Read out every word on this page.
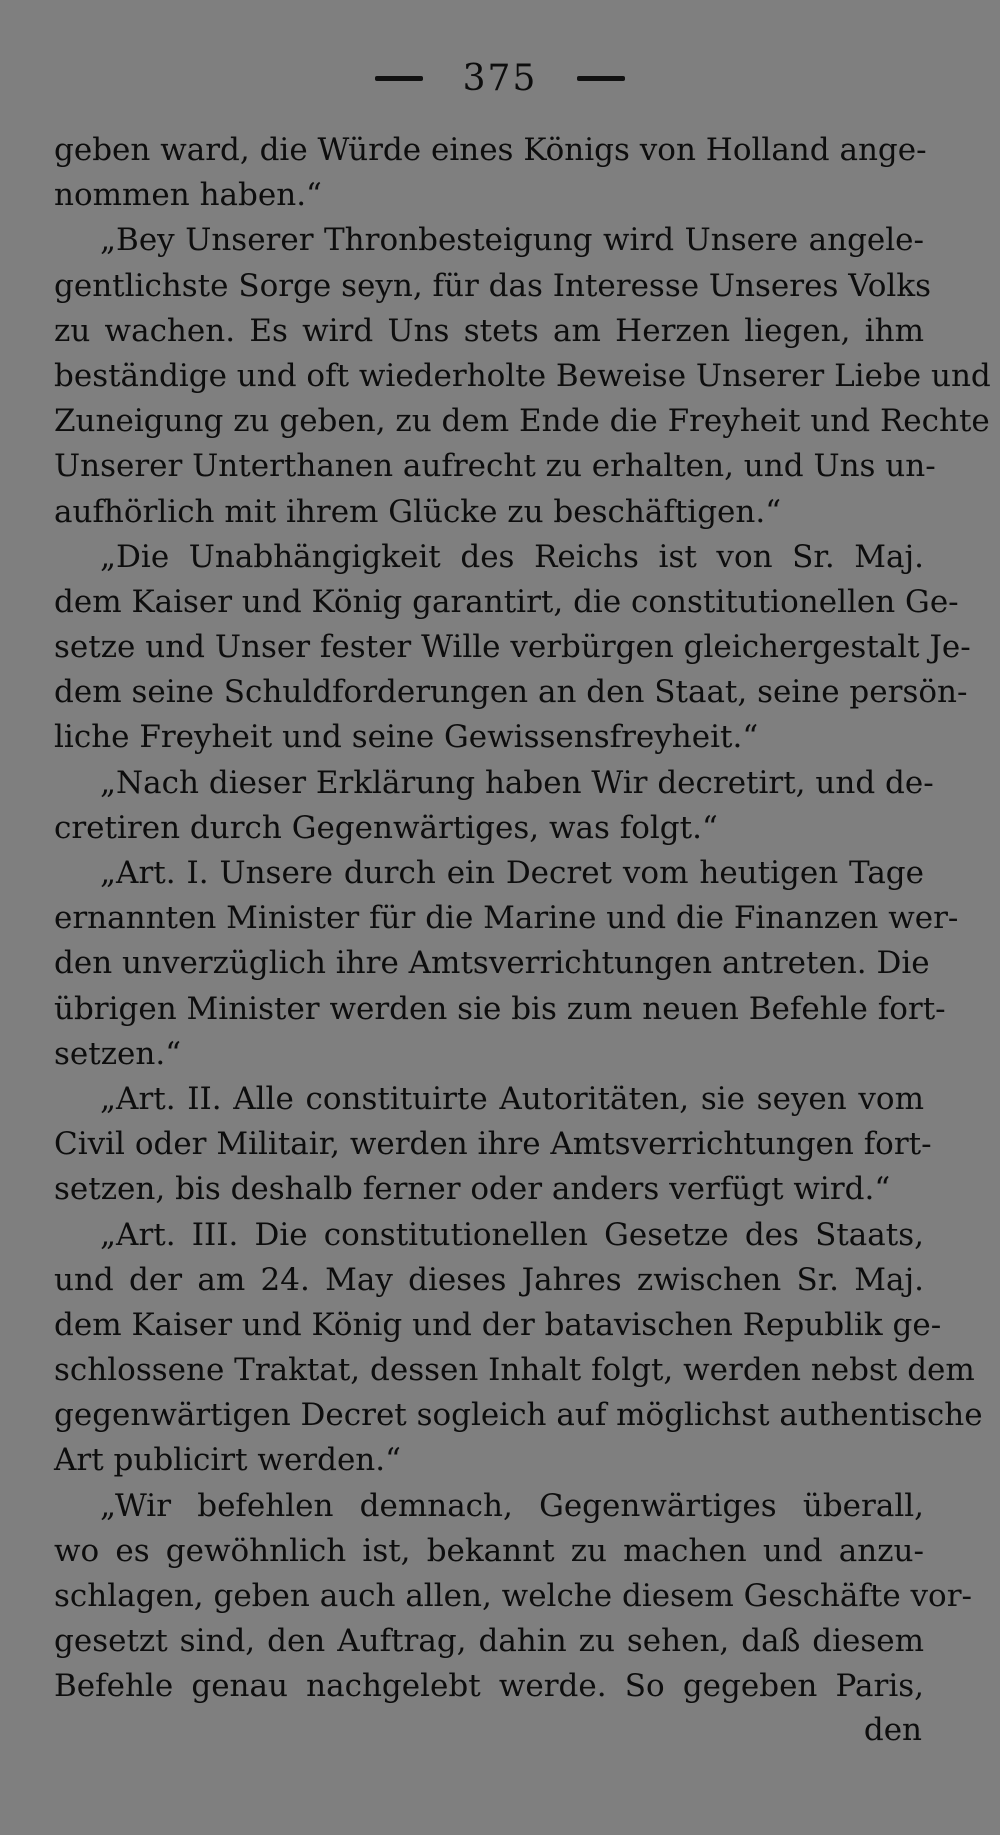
375
geben ward, die Würde eines Königs von Holland ange-
nommen haben.“
„Bey Unserer Thronbesteigung wird Unsere angele-
gentlichste Sorge seyn, für das Interesse Unseres Volks
zu wachen. Es wird Uns stets am Herzen liegen, ihm
beständige und oft wiederholte Beweise Unserer Liebe und
Zuneigung zu geben, zu dem Ende die Freyheit und Rechte
Unserer Unterthanen aufrecht zu erhalten, und Uns un-
aufhörlich mit ihrem Glücke zu beschäftigen.“
„Die Unabhängigkeit des Reichs ist von Sr. Maj.
dem Kaiser und König garantirt, die constitutionellen Ge-
setze und Unser fester Wille verbürgen gleichergestalt Je-
dem seine Schuldforderungen an den Staat, seine persön-
liche Freyheit und seine Gewissensfreyheit.“
„Nach dieser Erklärung haben Wir decretirt, und de-
cretiren durch Gegenwärtiges, was folgt.“
„Art. I. Unsere durch ein Decret vom heutigen Tage
ernannten Minister für die Marine und die Finanzen wer-
den unverzüglich ihre Amtsverrichtungen antreten. Die
übrigen Minister werden sie bis zum neuen Befehle fort-
setzen.“
„Art. II. Alle constituirte Autoritäten, sie seyen vom
Civil oder Militair, werden ihre Amtsverrichtungen fort-
setzen, bis deshalb ferner oder anders verfügt wird.“
„Art. III. Die constitutionellen Gesetze des Staats,
und der am 24. May dieses Jahres zwischen Sr. Maj.
dem Kaiser und König und der batavischen Republik ge-
schlossene Traktat, dessen Inhalt folgt, werden nebst dem
gegenwärtigen Decret sogleich auf möglichst authentische
Art publicirt werden.“
„Wir befehlen demnach, Gegenwärtiges überall,
wo es gewöhnlich ist, bekannt zu machen und anzu-
schlagen, geben auch allen, welche diesem Geschäfte vor-
gesetzt sind, den Auftrag, dahin zu sehen, daß diesem
Befehle genau nachgelebt werde. So gegeben Paris,
den
